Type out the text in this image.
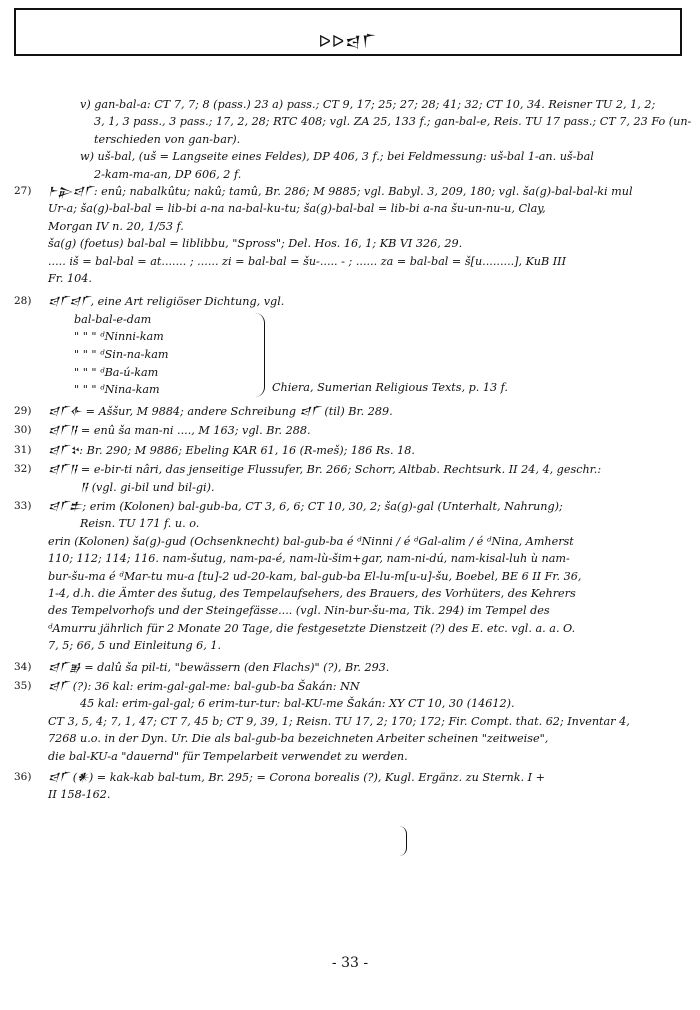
ᐅᐅ𒁀𒇲
v) gan-bal-a: CT 7, 7; 8 (pass.) 23 a) pass.; CT 9, 17; 25; 27; 28; 41; 32; CT 10, 34. Reisner TU 2, 1, 2;
3, 1, 3 pass., 3 pass.; 17, 2, 28; RTC 408; vgl. ZA 25, 133 f.; gan-bal-e, Reis. TU 17 pass.; CT 7, 23 Fo (un-
terschieden von gan-bar).
w) uš-bal, (uš = Langseite eines Feldes), DP 406, 3 f.; bei Feldmessung: uš-bal 1-an. uš-bal
2-kam-ma-an, DP 606, 2 f.
27)	𒈨𒉌𒁀𒇲: enû; nabalkûtu; nakû; tamû, Br. 286; M 9885; vgl. Babyl. 3, 209, 180; vgl. ša(g)-bal-bal-ki mul
Ur-a; ša(g)-bal-bal = lib-bi a-na na-bal-ku-tu; ša(g)-bal-bal = lib-bi a-na šu-un-nu-u, Clay,
Morgan IV n. 20, 1/53 f.
ša(g) (foetus) bal-bal = liblibbu, "Spross"; Del. Hos. 16, 1; KB VI 326, 29.
..... iš = bal-bal = at....... ; ...... zi = bal-bal = šu-..... - ; ...... za = bal-bal = š[u.........], KuB III
Fr. 104.
28)	𒁀𒇲𒁀𒇲, eine Art religiöser Dichtung, vgl.
bal-bal-e-dam
" " " ᵈNinni-kam
" " " ᵈSin-na-kam
" " " ᵈBa-ú-kam
" " " ᵈNina-kam	Chiera, Sumerian Religious Texts, p. 13 f.
29)	𒁀𒇲𒅆 = Aššur, M 9884; andere Schreibung 𒁀𒇲 (til) Br. 289.
30)	𒁀𒇲𒀀 = enû ša man-ni ...., M 163; vgl. Br. 288.
31)	𒁀𒇲𒆳: Br. 290; M 9886; Ebeling KAR 61, 16 (R-meš); 186 Rs. 18.
32)	𒁀𒇲𒀀 = e-bir-ti nâri, das jenseitige Flussufer, Br. 266; Schorr, Altbab. Rechtsurk. II 24, 4, geschr.:
𒀀 (vgl. gi-bil und bil-gi).
33)	𒁀𒇲𒉺; erim (Kolonen) bal-gub-ba, CT 3, 6, 6; CT 10, 30, 2; ša(g)-gal (Unterhalt, Nahrung);
Reisn. TU 171 f. u. o.
erin (Kolonen) ša(g)-gud (Ochsenknecht) bal-gub-ba é ᵈNinni / é ᵈGal-alim / é ᵈNina, Amherst
110; 112; 114; 116. nam-šutug, nam-pa-é, nam-lù-šim+gar, nam-ni-dú, nam-kisal-luh ù nam-
bur-šu-ma é ᵈMar-tu mu-a [tu]-2 ud-20-kam, bal-gub-ba El-lu-m[u-u]-šu, Boebel, BE 6 II Fr. 36,
1-4, d.h. die Ämter des šutug, des Tempelaufsehers, des Brauers, des Vorhüters, des Kehrers
des Tempelvorhofs und der Steingefässe.... (vgl. Nin-bur-šu-ma, Tik. 294) im Tempel des
ᵈAmurru jährlich für 2 Monate 20 Tage, die festgesetzte Dienstzeit (?) des E. etc. vgl. a. a. O.
7, 5; 66, 5 und Einleitung 6, 1.
34)	𒁀𒇲𒂊 = dalû ša pil-ti, "bewässern (den Flachs)" (?), Br. 293.
35)	𒁀𒇲 (?): 36 kal: erim-gal-gal-me: bal-gub-ba Šakán: NN
45 kal: erim-gal-gal; 6 erim-tur-tur: bal-KU-me Šakán: XY CT 10, 30 (14612).
CT 3, 5, 4; 7, 1, 47; CT 7, 45 b; CT 9, 39, 1; Reisn. TU 17, 2; 170; 172; Fir. Compt. that. 62; Inventar 4,
7268 u.o. in der Dyn. Ur. Die als bal-gub-ba bezeichneten Arbeiter scheinen "zeitweise",
die bal-KU-a "dauernd" für Tempelarbeit verwendet zu werden.
36)	𒁀𒇲 (𒀭) = kak-kab bal-tum, Br. 295; = Corona borealis (?), Kugl. Ergänz. zu Sternk. I +
II 158-162.
- 33 -
